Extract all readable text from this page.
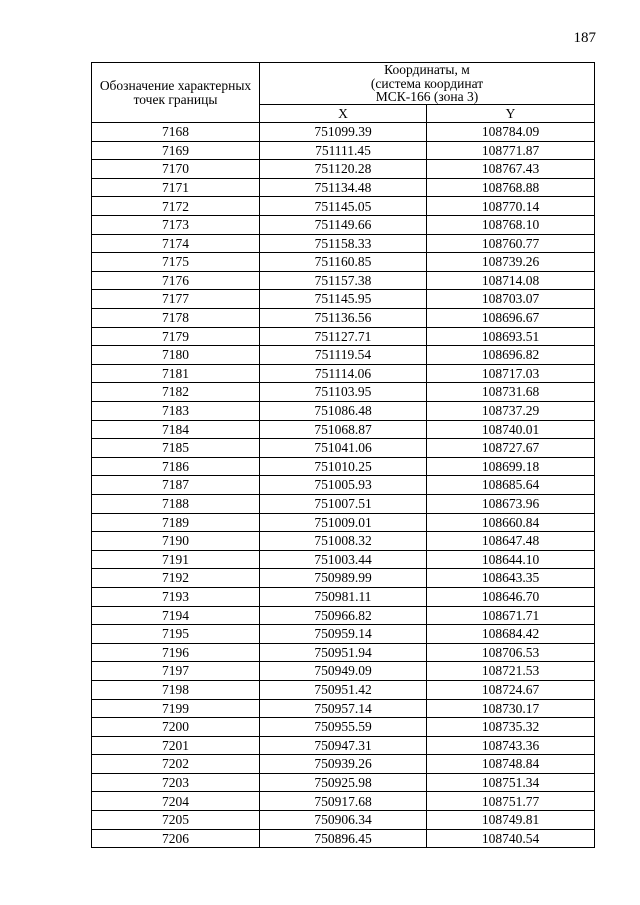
187
Обозначение характерных точек границы	Координаты, м
(система координат
МСК-166 (зона 3)	

	X	Y
7168	751099.39	108784.09
7169	751111.45	108771.87
7170	751120.28	108767.43
7171	751134.48	108768.88
7172	751145.05	108770.14
7173	751149.66	108768.10
7174	751158.33	108760.77
7175	751160.85	108739.26
7176	751157.38	108714.08
7177	751145.95	108703.07
7178	751136.56	108696.67
7179	751127.71	108693.51
7180	751119.54	108696.82
7181	751114.06	108717.03
7182	751103.95	108731.68
7183	751086.48	108737.29
7184	751068.87	108740.01
7185	751041.06	108727.67
7186	751010.25	108699.18
7187	751005.93	108685.64
7188	751007.51	108673.96
7189	751009.01	108660.84
7190	751008.32	108647.48
7191	751003.44	108644.10
7192	750989.99	108643.35
7193	750981.11	108646.70
7194	750966.82	108671.71
7195	750959.14	108684.42
7196	750951.94	108706.53
7197	750949.09	108721.53
7198	750951.42	108724.67
7199	750957.14	108730.17
7200	750955.59	108735.32
7201	750947.31	108743.36
7202	750939.26	108748.84
7203	750925.98	108751.34
7204	750917.68	108751.77
7205	750906.34	108749.81
7206	750896.45	108740.54
